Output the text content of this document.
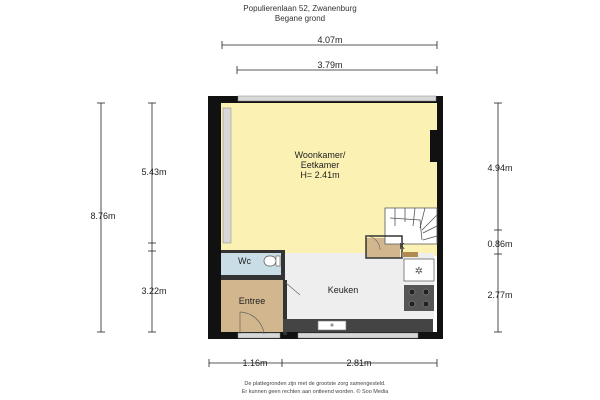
Populierenlaan 52, Zwanenburg
Begane grond
4.07m
3.79m
8.76m
5.43m
3.22m
4.94m
0.86m
2.77m
1.16m	2.81m
✲
Woonkamer/
Eetkamer
H= 2.41m
Wc
Entree
Keuken
K
De plattegronden zijn met de grootste zorg samengesteld.
Er kunnen geen rechten aan ontleend worden. © Soo Media
